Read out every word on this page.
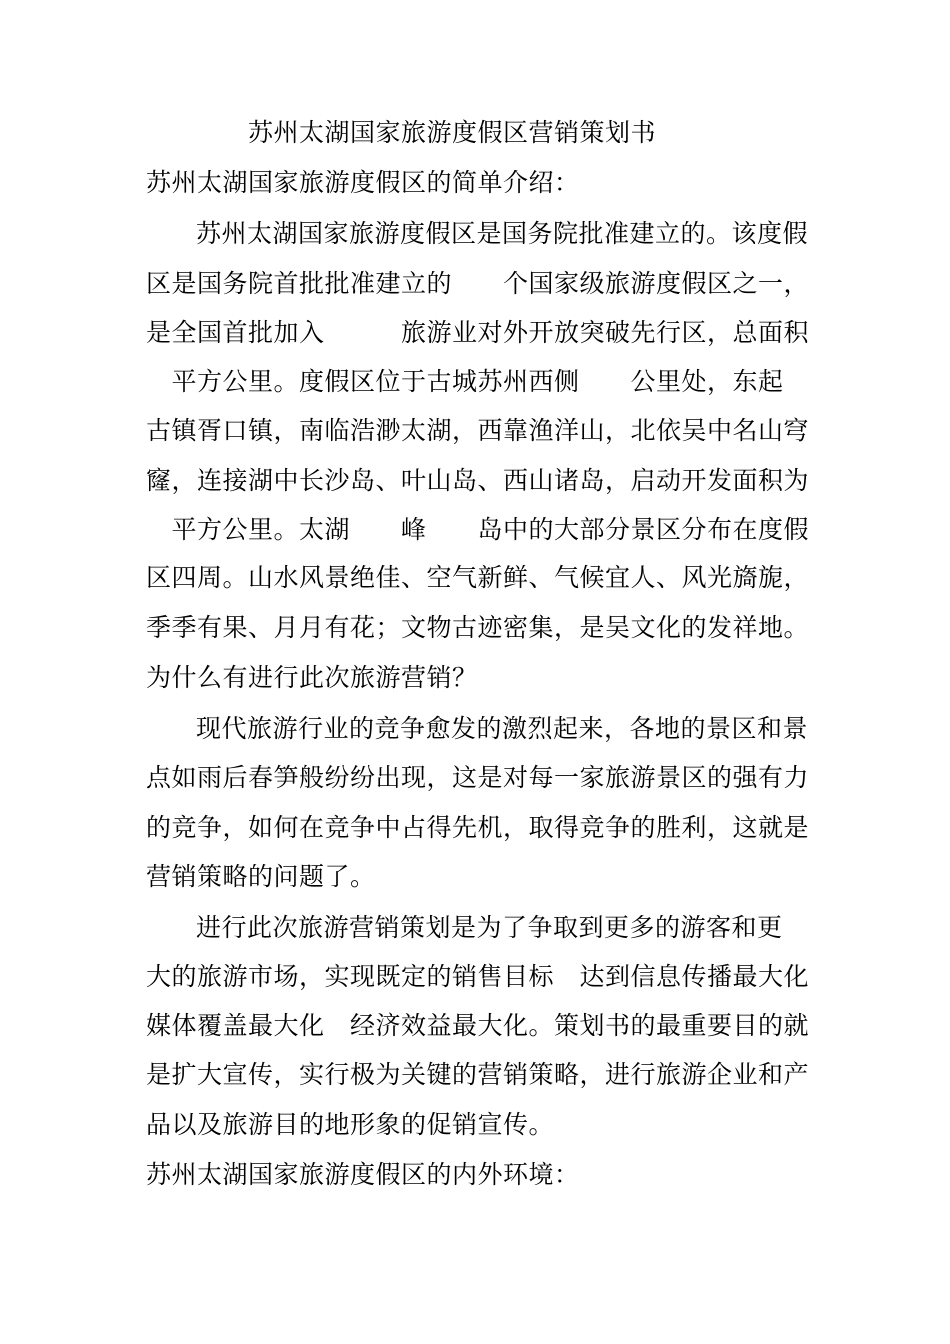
苏州太湖国家旅游度假区营销策划书
苏州太湖国家旅游度假区的简单介绍：
苏州太湖国家旅游度假区是国务院批准建立的。该度假
区是国务院首批批准建立的　　个国家级旅游度假区之一，
是全国首批加入　　　旅游业对外开放突破先行区，总面积
　平方公里。度假区位于古城苏州西侧　　公里处，东起
古镇胥口镇，南临浩渺太湖，西靠渔洋山，北依吴中名山穹
窿，连接湖中长沙岛、叶山岛、西山诸岛，启动开发面积为
　平方公里。太湖　　峰　　岛中的大部分景区分布在度假
区四周。山水风景绝佳、空气新鲜、气候宜人、风光旖旎，
季季有果、月月有花；文物古迹密集，是吴文化的发祥地。
为什么有进行此次旅游营销？
现代旅游行业的竞争愈发的激烈起来，各地的景区和景
点如雨后春笋般纷纷出现，这是对每一家旅游景区的强有力
的竞争，如何在竞争中占得先机，取得竞争的胜利，这就是
营销策略的问题了。
进行此次旅游营销策划是为了争取到更多的游客和更
大的旅游市场，实现既定的销售目标　达到信息传播最大化
媒体覆盖最大化　经济效益最大化。策划书的最重要目的就
是扩大宣传，实行极为关键的营销策略，进行旅游企业和产
品以及旅游目的地形象的促销宣传。
苏州太湖国家旅游度假区的内外环境：
